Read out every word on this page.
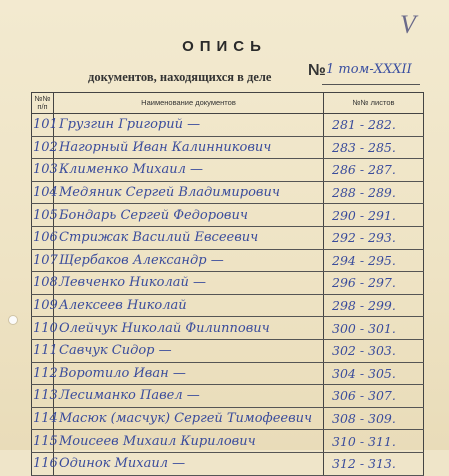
V
ОПИСЬ
документов, находящихся в деле № 1 том-XXXII
№№ п/п	Наименование документов	№№ листов
101	Грузгин Григорий —	281 - 282.
102	Нагорный Иван Калинникович	283 - 285.
103	Клименко Михаил —	286 - 287.
104	Медяник Сергей Владимирович	288 - 289.
105	Бондарь Сергей Федорович	290 - 291.
106	Стрижак Василий Евсеевич	292 - 293.
107	Щербаков Александр —	294 - 295.
108	Левченко Николай —	296 - 297.
109	Алексеев Николай	298 - 299.
110	Олейчук Николай Филиппович	300 - 301.
111	Савчук Сидор —	302 - 303.
112	Воротило Иван —	304 - 305.
113	Лесиманко Павел —	306 - 307.
114	Масюк (масчук) Сергей Тимофеевич	308 - 309.
115	Моисеев Михаил Кирилович	310 - 311.
116	Одинок Михаил —	312 - 313.
